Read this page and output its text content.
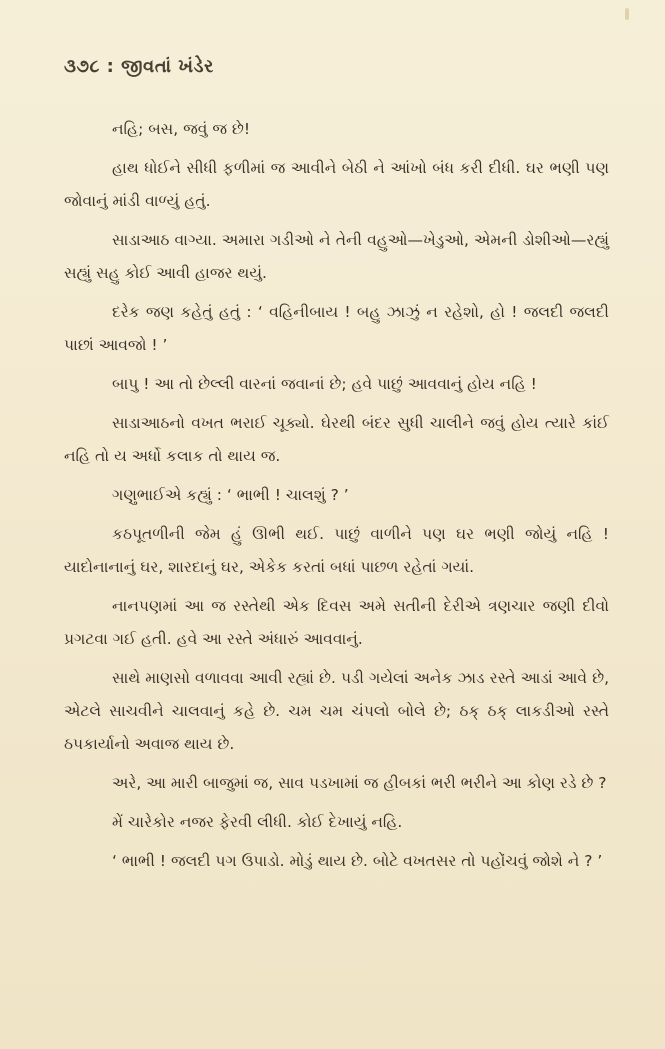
૩૭૮ : જીવતાં ખંડેર

નહિ; બસ, જવું જ છે!

હાથ ધોઈને સીધી ફળીમાં જ આવીને બેઠી ને આંખો બંધ કરી દીધી. ઘર ભણી પણ જોવાનું માંડી વાળ્યું હતું.

સાડાઆઠ વાગ્યા. અમારા ગડીઓ ને તેની વહુઓ—ખેડુઓ, એમની ડોશીઓ—રહ્યું સહ્યું સહુ કોઈ આવી હાજર થયું.

દરેક જણ કહેતું હતું : ‘ વહિનીબાય ! બહુ ઝાઝું ન રહેશો, હો ! જલદી જલદી પાછાં આવજો ! ’

બાપુ ! આ તો છેલ્લી વારનાં જવાનાં છે; હવે પાછું આવવાનું હોય નહિ !

સાડાઆઠનો વખત ભરાઈ ચૂક્યો. ઘેરથી બંદર સુધી ચાલીને જવું હોય ત્યારે કાંઈ નહિ તો ય અર્ધો કલાક તો થાય જ.

ગણુભાઈએ કહ્યું : ‘ ભાભી ! ચાલશું ? ’

કઠપૂતળીની જેમ હું ઊભી થઈ. પાછું વાળીને પણ ઘર ભણી જોયું નહિ ! યાદોનાનાનું ઘર, શારદાનું ઘર, એકેક કરતાં બધાં પાછળ રહેતાં ગયાં.

નાનપણમાં આ જ રસ્તેથી એક દિવસ અમે સતીની દેરીએ ત્રણચાર જણી દીવો પ્રગટવા ગઈ હતી. હવે આ રસ્તે અંધારું આવવાનું.

સાથે માણસો વળાવવા આવી રહ્યાં છે. પડી ગયેલાં અનેક ઝાડ રસ્તે આડાં આવે છે, એટલે સાચવીને ચાલવાનું કહે છે. ચમ ચમ ચંપલો બોલે છે; ઠક્ ઠક્ લાકડીઓ રસ્તે ઠપકાર્યાનો અવાજ થાય છે.

અરે, આ મારી બાજુમાં જ, સાવ પડખામાં જ હીબકાં ભરી ભરીને આ કોણ રડે છે ?

મેં ચારેકોર નજર ફેરવી લીધી. કોઈ દેખાયું નહિ.

‘ ભાભી ! જલદી પગ ઉપાડો. મોડું થાય છે. બોટે વખતસર તો પહોંચવું જોશે ને ? ’
